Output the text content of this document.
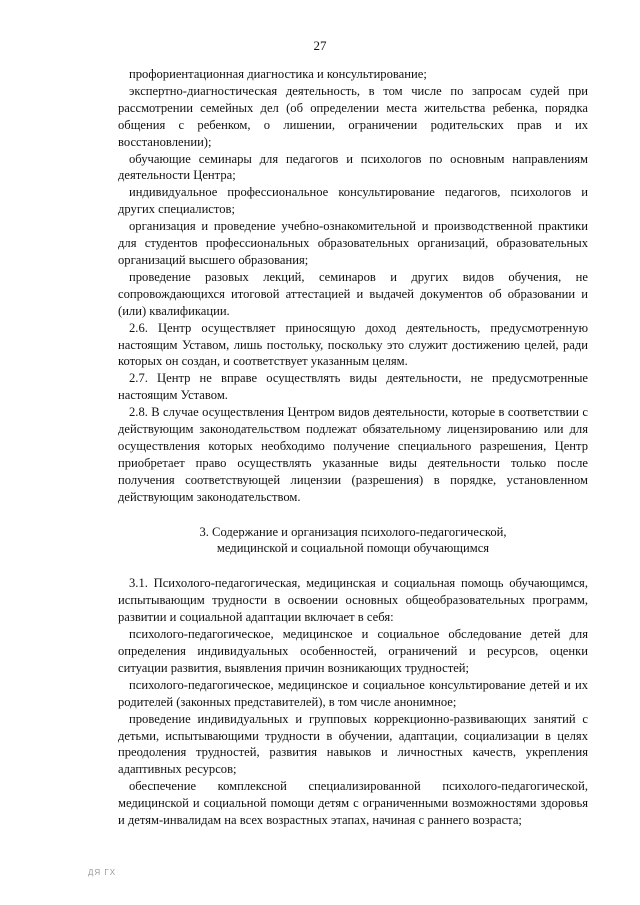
27

профориентационная диагностика и консультирование;

экспертно-диагностическая деятельность, в том числе по запросам судей при рассмотрении семейных дел (об определении места жительства ребенка, порядка общения с ребенком, о лишении, ограничении родительских прав и их восстановлении);

обучающие семинары для педагогов и психологов по основным направлениям деятельности Центра;

индивидуальное профессиональное консультирование педагогов, психологов и других специалистов;

организация и проведение учебно-ознакомительной и производственной практики для студентов профессиональных образовательных организаций, образовательных организаций высшего образования;

проведение разовых лекций, семинаров и других видов обучения, не сопровождающихся итоговой аттестацией и выдачей документов об образовании и (или) квалификации.

2.6. Центр осуществляет приносящую доход деятельность, предусмотренную настоящим Уставом, лишь постольку, поскольку это служит достижению целей, ради которых он создан, и соответствует указанным целям.

2.7. Центр не вправе осуществлять виды деятельности, не предусмотренные настоящим Уставом.

2.8. В случае осуществления Центром видов деятельности, которые в соответствии с действующим законодательством подлежат обязательному лицензированию или для осуществления которых необходимо получение специального разрешения, Центр приобретает право осуществлять указанные виды деятельности только после получения соответствующей лицензии (разрешения) в порядке, установленном действующим законодательством.

3. Содержание и организация психолого-педагогической,
медицинской и социальной помощи обучающимся

3.1. Психолого-педагогическая, медицинская и социальная помощь обучающимся, испытывающим трудности в освоении основных общеобразовательных программ, развитии и социальной адаптации включает в себя:

психолого-педагогическое, медицинское и социальное обследование детей для определения индивидуальных особенностей, ограничений и ресурсов, оценки ситуации развития, выявления причин возникающих трудностей;

психолого-педагогическое, медицинское и социальное консультирование детей и их родителей (законных представителей), в том числе анонимное;

проведение индивидуальных и групповых коррекционно-развивающих занятий с детьми, испытывающими трудности в обучении, адаптации, социализации в целях преодоления трудностей, развития навыков и личностных качеств, укрепления адаптивных ресурсов;

обеспечение комплексной специализированной психолого-педагогической, медицинской и социальной помощи детям с ограниченными возможностями здоровья и детям-инвалидам на всех возрастных этапах, начиная с раннего возраста;

ДЯ ГХ
